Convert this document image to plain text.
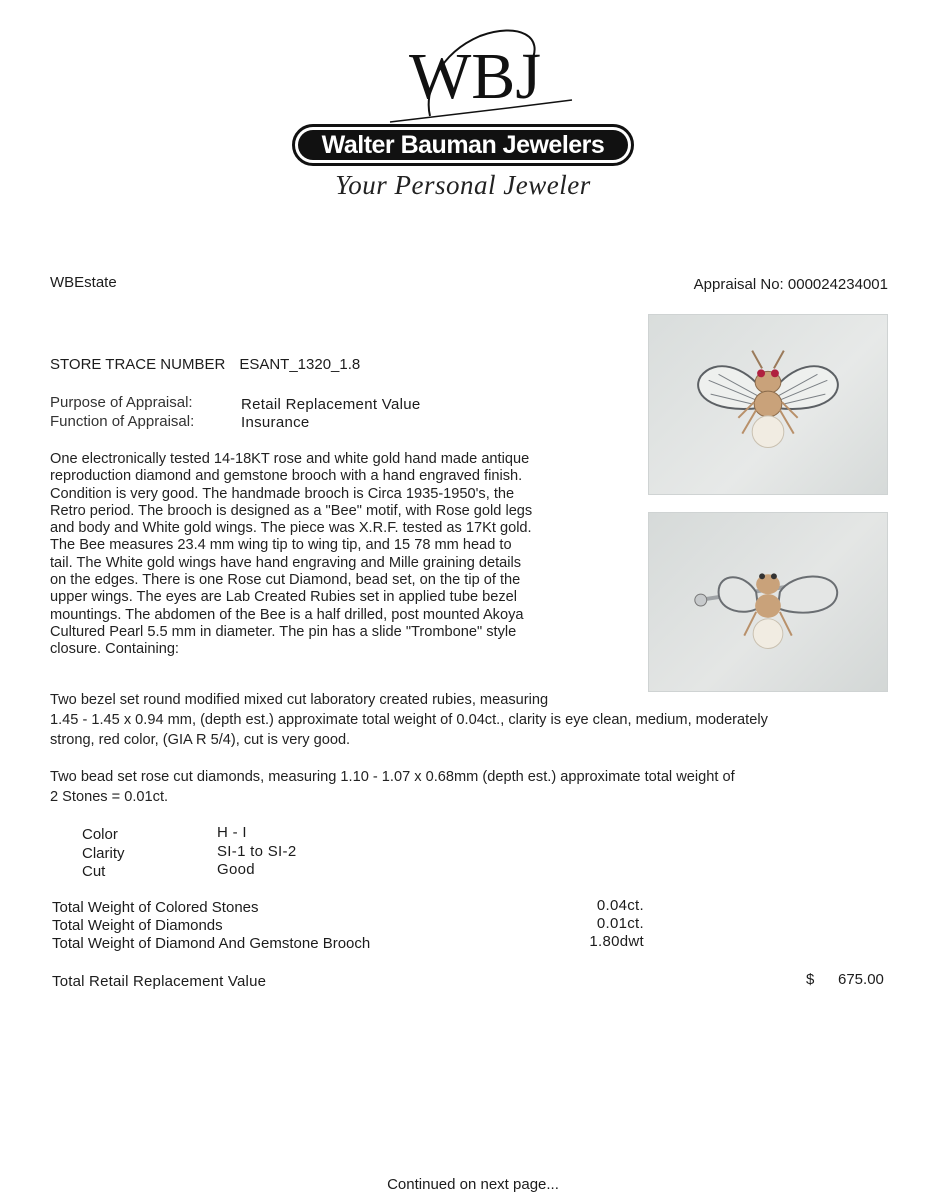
WBJ
Walter Bauman Jewelers
Your Personal Jeweler
WBEstate	Appraisal No: 000024234001
STORE TRACE NUMBER ESANT_1320_1.8
Purpose of Appraisal:	Retail Replacement Value
Function of Appraisal:	Insurance
One electronically tested 14-18KT rose and white gold hand made antique
reproduction diamond and gemstone brooch with a hand engraved finish.
Condition is very good. The handmade brooch is Circa 1935-1950's, the
Retro period. The brooch is designed as a "Bee" motif, with Rose gold legs
and body and White gold wings. The piece was X.R.F. tested as 17Kt gold.
The Bee measures 23.4 mm wing tip to wing tip, and 15 78 mm head to
tail. The White gold wings have hand engraving and Mille graining details
on the edges. There is one Rose cut Diamond, bead set, on the tip of the
upper wings. The eyes are Lab Created Rubies set in applied tube bezel
mountings. The abdomen of the Bee is a half drilled, post mounted Akoya
Cultured Pearl 5.5 mm in diameter. The pin has a slide "Trombone" style
closure. Containing:
Two bezel set round modified mixed cut laboratory created rubies, measuring
1.45 - 1.45 x 0.94 mm, (depth est.) approximate total weight of 0.04ct., clarity is eye clean, medium, moderately
strong, red color, (GIA R 5/4), cut is very good.
Two bead set rose cut diamonds, measuring 1.10 - 1.07 x 0.68mm (depth est.) approximate total weight of
2 Stones = 0.01ct.
Color	H - I
Clarity	SI-1 to SI-2
Cut	Good
Total Weight of Colored Stones	0.04ct.
Total Weight of Diamonds	0.01ct.
Total Weight of Diamond And Gemstone Brooch	1.80dwt
Total Retail Replacement Value	$ 675.00
Continued on next page...
